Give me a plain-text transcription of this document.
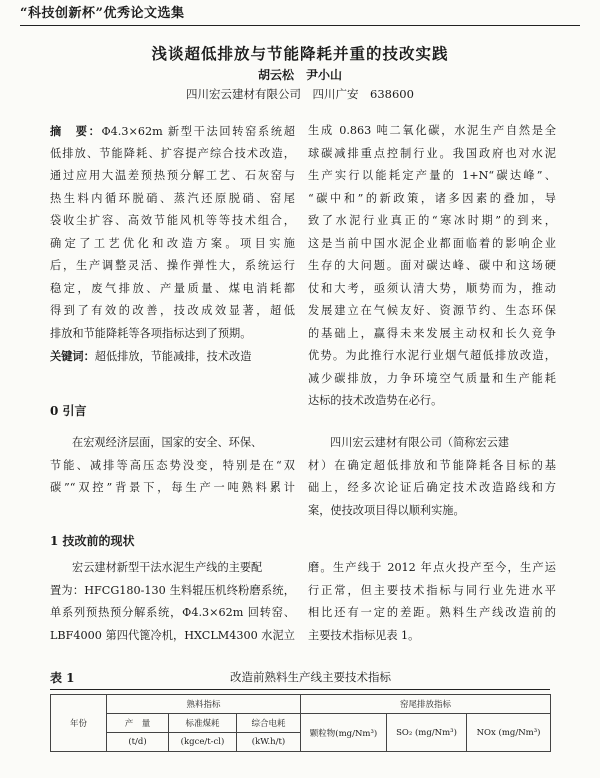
“科技创新杯”优秀论文选集
浅谈超低排放与节能降耗并重的技改实践
胡云松　尹小山
四川宏云建材有限公司　四川广安　638600
摘　要：Φ4.3×62m 新型干法回转窑系统超
低排放、节能降耗、扩容提产综合技术改造，
通过应用大温差预热预分解工艺、石灰窑与
热生料内循环脱硝、蒸汽还原脱硝、窑尾
袋收尘扩容、高效节能风机等等技术组合，
确定了工艺优化和改造方案。项目实施
后，生产调整灵活、操作弹性大，系统运行
稳定，废气排放、产量质量、煤电消耗都
得到了有效的改善，技改成效显著，超低
排放和节能降耗等各项指标达到了预期。
关键词：超低排放，节能减排，技术改造
0 引言
在宏观经济层面，国家的安全、环保、
节能、减排等高压态势没变，特别是在“双
碳”“双控”背景下，每生产一吨熟料累计
1 技改前的现状
宏云建材新型干法水泥生产线的主要配
置为：HFCG180-130 生料辊压机终粉磨系统，
单系列预热预分解系统，Φ4.3×62m 回转窑、
LBF4000 第四代篦冷机，HXCLM4300 水泥立
生成 0.863 吨二氧化碳，水泥生产自然是全
球碳减排重点控制行业。我国政府也对水泥
生产实行以能耗定产量的 1+N“碳达峰”、
“碳中和”的新政策，诸多因素的叠加，导
致了水泥行业真正的“寒冰时期”的到来，
这是当前中国水泥企业都面临着的影响企业
生存的大问题。面对碳达峰、碳中和这场硬
仗和大考，亟须认清大势，顺势而为，推动
发展建立在气候友好、资源节约、生态环保
的基础上，赢得未来发展主动权和长久竞争
优势。为此推行水泥行业烟气超低排放改造，
减少碳排放，力争环境空气质量和生产能耗
达标的技术改造势在必行。
四川宏云建材有限公司（简称宏云建
材）在确定超低排放和节能降耗各目标的基
础上，经多次论证后确定技术改造路线和方
案，使技改项目得以顺利实施。
磨。生产线于 2012 年点火投产至今，生产运
行正常，但主要技术指标与同行业先进水平
相比还有一定的差距。熟料生产线改造前的
主要技术指标见表 1。
表 1	改造前熟料生产线主要技术指标
年份	熟料指标			窑尾排放指标		
	产　量	标准煤耗	综合电耗	颗粒物(mg/Nm³)	SO₂ (mg/Nm³)	NOx (mg/Nm³)
	(t/d)	(kgce/t-cl)	(kW.h/t)			
